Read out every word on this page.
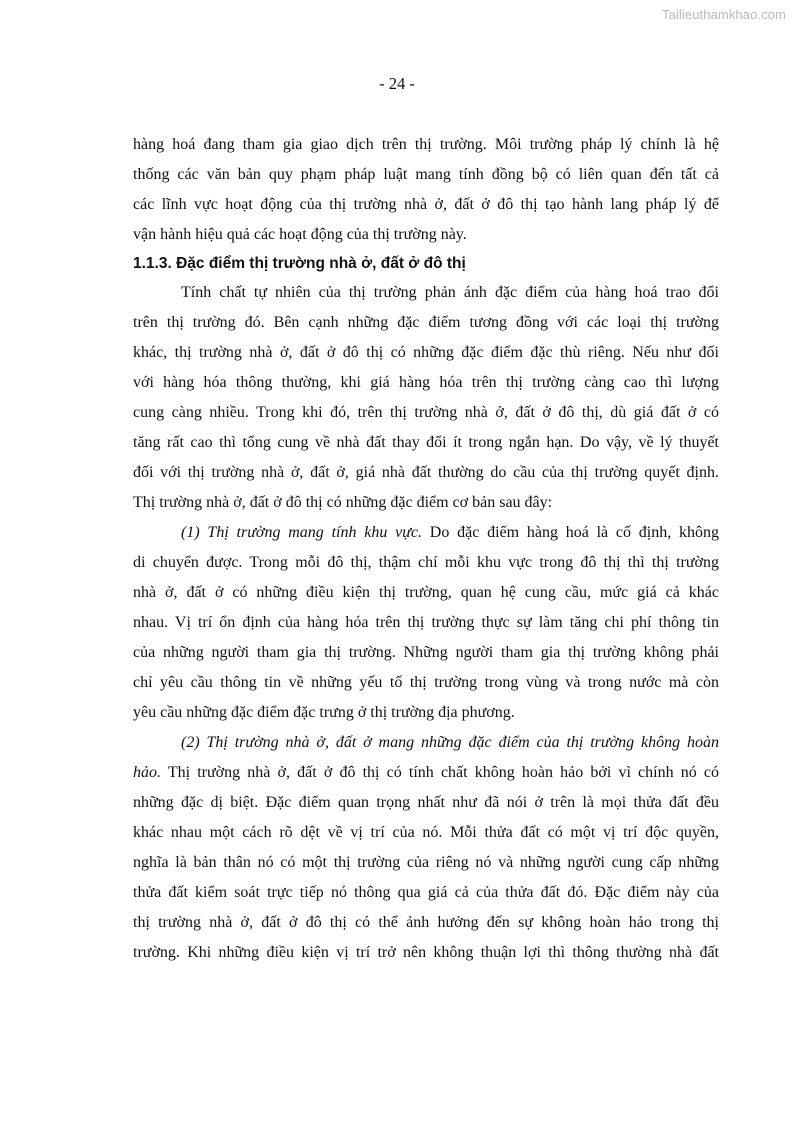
Tailieuthamkhao.com
- 24 -
hàng hoá đang tham gia giao dịch trên thị trường. Môi trường pháp lý chính là hệ
thống các văn bản quy phạm pháp luật mang tính đồng bộ có liên quan đến tất cả
các lĩnh vực hoạt động của thị trường nhà ở, đất ở đô thị tạo hành lang pháp lý để
vận hành hiệu quả các hoạt động của thị trường này.
1.1.3. Đặc điểm thị trường nhà ở, đất ở đô thị
Tính chất tự nhiên của thị trường phản ánh đặc điểm của hàng hoá trao đổi
trên thị trường đó. Bên cạnh những đặc điểm tương đồng với các loại thị trường
khác, thị trường nhà ở, đất ở đô thị có những đặc điểm đặc thù riêng. Nếu như đối
với hàng hóa thông thường, khi giá hàng hóa trên thị trường càng cao thì lượng
cung càng nhiều. Trong khi đó, trên thị trường nhà ở, đất ở đô thị, dù giá đất ở có
tăng rất cao thì tổng cung về nhà đất thay đổi ít trong ngắn hạn. Do vậy, về lý thuyết
đối với thị trường nhà ở, đất ở, giá nhà đất thường do cầu của thị trường quyết định.
Thị trường nhà ở, đất ở đô thị có những đặc điểm cơ bản sau đây:
(1) Thị trường mang tính khu vực. Do đặc điểm hàng hoá là cố định, không
di chuyển được. Trong mỗi đô thị, thậm chí mỗi khu vực trong đô thị thì thị trường
nhà ở, đất ở có những điều kiện thị trường, quan hệ cung cầu, mức giá cả khác
nhau. Vị trí ổn định của hàng hóa trên thị trường thực sự làm tăng chi phí thông tin
của những người tham gia thị trường. Những người tham gia thị trường không phải
chỉ yêu cầu thông tin về những yếu tố thị trường trong vùng và trong nước mà còn
yêu cầu những đặc điểm đặc trưng ở thị trường địa phương.
(2) Thị trường nhà ở, đất ở mang những đặc điểm của thị trường không hoàn
hảo. Thị trường nhà ở, đất ở đô thị có tính chất không hoàn hảo bởi vì chính nó có
những đặc dị biệt. Đặc điểm quan trọng nhất như đã nói ở trên là mọi thửa đất đều
khác nhau một cách rõ dệt về vị trí của nó. Mỗi thửa đất có một vị trí độc quyền,
nghĩa là bản thân nó có một thị trường của riêng nó và những người cung cấp những
thửa đất kiểm soát trực tiếp nó thông qua giá cả của thửa đất đó. Đặc điểm này của
thị trường nhà ở, đất ở đô thị có thể ảnh hưởng đến sự không hoàn hảo trong thị
trường. Khi những điều kiện vị trí trở nên không thuận lợi thì thông thường nhà đất
